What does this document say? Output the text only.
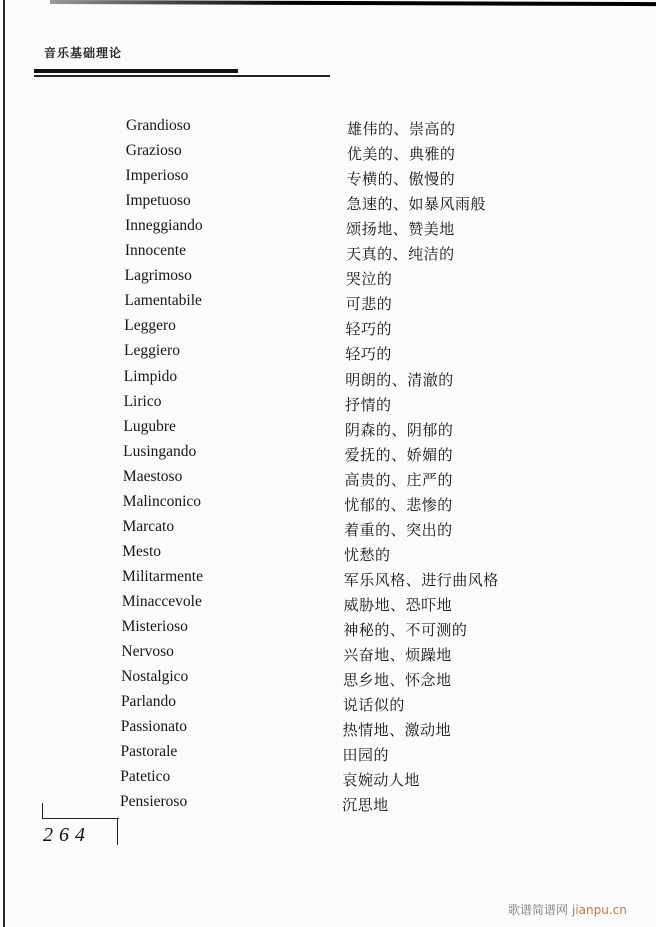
音乐基础理论
Grandioso	雄伟的、崇高的
Grazioso	优美的、典雅的
Imperioso	专横的、傲慢的
Impetuoso	急速的、如暴风雨般
Inneggiando	颂扬地、赞美地
Innocente	天真的、纯洁的
Lagrimoso	哭泣的
Lamentabile	可悲的
Leggero	轻巧的
Leggiero	轻巧的
Limpido	明朗的、清澈的
Lirico	抒情的
Lugubre	阴森的、阴郁的
Lusingando	爱抚的、娇媚的
Maestoso	高贵的、庄严的
Malinconico	忧郁的、悲惨的
Marcato	着重的、突出的
Mesto	忧愁的
Militarmente	军乐风格、进行曲风格
Minaccevole	威胁地、恐吓地
Misterioso	神秘的、不可测的
Nervoso	兴奋地、烦躁地
Nostalgico	思乡地、怀念地
Parlando	说话似的
Passionato	热情地、激动地
Pastorale	田园的
Patetico	哀婉动人地
Pensieroso	沉思地
264
歌谱简谱网 jianpu.cn
